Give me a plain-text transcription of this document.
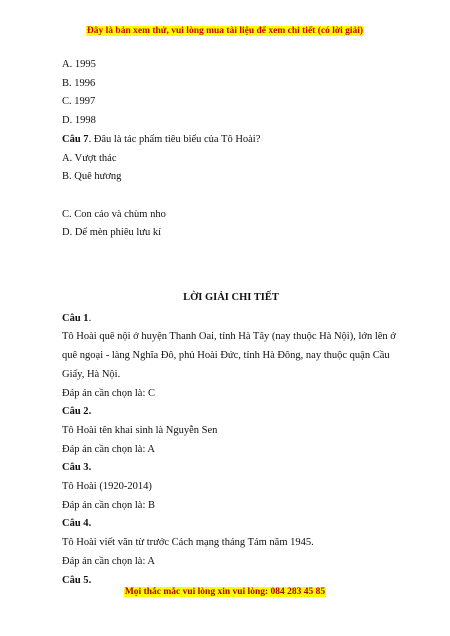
Đây là bản xem thử, vui lòng mua tài liệu để xem chi tiết (có lời giải)
A. 1995
B. 1996
C. 1997
D. 1998
Câu 7. Đâu là tác phẩm tiêu biểu của Tô Hoài?
A. Vượt thác
B. Quê hương
C. Con cáo và chùm nho
D. Dế mèn phiêu lưu kí
LỜI GIẢI CHI TIẾT
Câu 1.
Tô Hoài quê nội ở huyện Thanh Oai, tỉnh Hà Tây (nay thuộc Hà Nội), lớn lên ở quê ngoại - làng Nghĩa Đô, phủ Hoài Đức, tỉnh Hà Đông, nay thuộc quận Cầu Giấy, Hà Nội.
Đáp án cần chọn là: C
Câu 2.
Tô Hoài tên khai sinh là Nguyễn Sen
Đáp án cần chọn là: A
Câu 3.
Tô Hoài (1920-2014)
Đáp án cần chọn là: B
Câu 4.
Tô Hoài viết văn từ trước Cách mạng tháng Tám năm 1945.
Đáp án cần chọn là: A
Câu 5.
Mọi thắc mắc vui lòng xin vui lòng: 084 283 45 85
